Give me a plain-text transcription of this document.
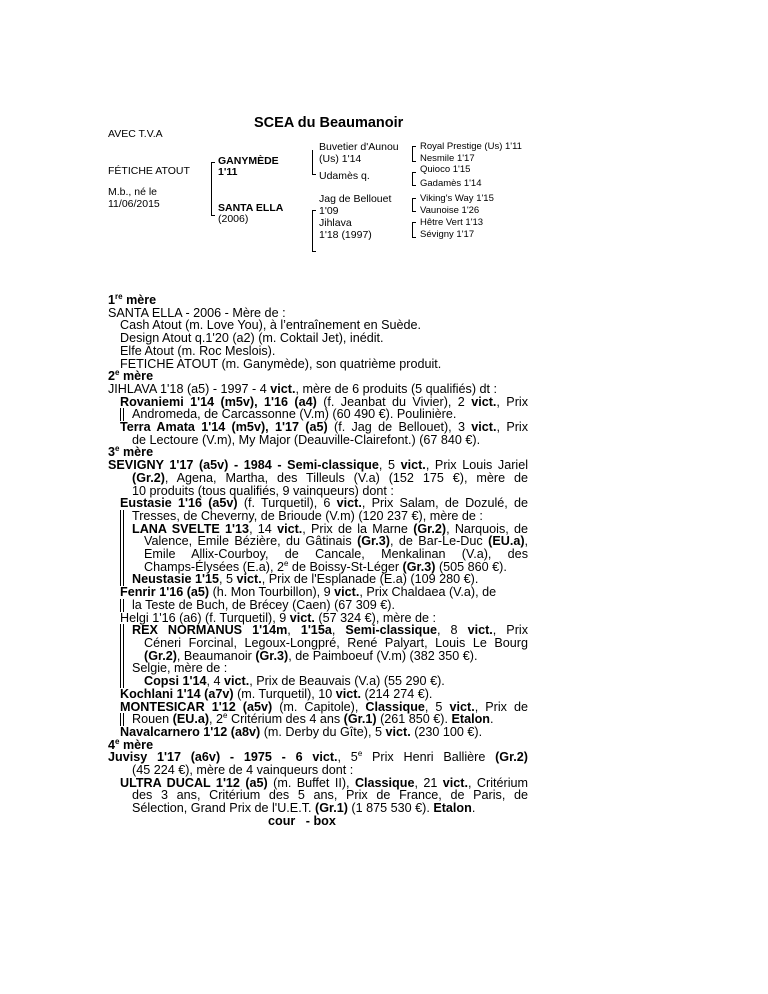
SCEA du Beaumanoir
AVEC T.V.A
FÉTICHE ATOUT
M.b., né le
11/06/2015
GANYMÈDE
1'11
SANTA ELLA
(2006)
Buvetier d'Aunou
(Us) 1'14
Udamès q.
Jag de Bellouet
1'09
Jihlava
1'18 (1997)
Royal Prestige (Us) 1'11
Nesmile 1'17
Quioco 1'15
Gadamès 1'14
Viking's Way 1'15
Vaunoise 1'26
Hêtre Vert 1'13
Sévigny 1'17
1re mère
SANTA ELLA - 2006 - Mère de :
Cash Atout (m. Love You), à l’entraînement en Suède.
Design Atout q.1'20 (a2) (m. Coktail Jet), inédit.
Elfe Atout (m. Roc Meslois).
FETICHE ATOUT (m. Ganymède), son quatrième produit.
2e mère
JIHLAVA 1'18 (a5) - 1997 - 4 vict., mère de 6 produits (5 qualifiés) dt :
Rovaniemi 1'14 (m5v), 1'16 (a4) (f. Jeanbat du Vivier), 2 vict., Prix
Andromeda, de Carcassonne (V.m) (60 490 €). Poulinière.
Terra Amata 1'14 (m5v), 1'17 (a5) (f. Jag de Bellouet), 3 vict., Prix
de Lectoure (V.m), My Major (Deauville-Clairefont.) (67 840 €).
3e mère
SEVIGNY 1'17 (a5v) - 1984 - Semi-classique, 5 vict., Prix Louis Jariel
(Gr.2), Agena, Martha, des Tilleuls (V.a) (152 175 €), mère de
10 produits (tous qualifiés, 9 vainqueurs) dont :
Eustasie 1'16 (a5v) (f. Turquetil), 6 vict., Prix Salam, de Dozulé, de
Tresses, de Cheverny, de Brioude (V.m) (120 237 €), mère de :
LANA SVELTE 1'13, 14 vict., Prix de la Marne (Gr.2), Narquois, de
Valence, Emile Bézière, du Gâtinais (Gr.3), de Bar-Le-Duc (EU.a),
Emile Allix-Courboy, de Cancale, Menkalinan (V.a), des
Champs-Élysées (E.a), 2e de Boissy-St-Léger (Gr.3) (505 860 €).
Neustasie 1'15, 5 vict., Prix de l'Esplanade (E.a) (109 280 €).
Fenrir 1'16 (a5) (h. Mon Tourbillon), 9 vict., Prix Chaldaea (V.a), de
la Teste de Buch, de Brécey (Caen) (67 309 €).
Helgi 1'16 (a6) (f. Turquetil), 9 vict. (57 324 €), mère de :
REX NORMANUS 1'14m, 1'15a, Semi-classique, 8 vict., Prix
Céneri Forcinal, Legoux-Longpré, René Palyart, Louis Le Bourg
(Gr.2), Beaumanoir (Gr.3), de Paimboeuf (V.m) (382 350 €).
Selgie, mère de :
Copsi 1'14, 4 vict., Prix de Beauvais (V.a) (55 290 €).
Kochlani 1'14 (a7v) (m. Turquetil), 10 vict. (214 274 €).
MONTESICAR 1'12 (a5v) (m. Capitole), Classique, 5 vict., Prix de
Rouen (EU.a), 2e Critérium des 4 ans (Gr.1) (261 850 €). Etalon.
Navalcarnero 1'12 (a8v) (m. Derby du Gîte), 5 vict. (230 100 €).
4e mère
Juvisy 1'17 (a6v) - 1975 - 6 vict., 5e Prix Henri Ballière (Gr.2)
(45 224 €), mère de 4 vainqueurs dont :
ULTRA DUCAL 1'12 (a5) (m. Buffet II), Classique, 21 vict., Critérium
des 3 ans, Critérium des 5 ans, Prix de France, de Paris, de
Sélection, Grand Prix de l'U.E.T. (Gr.1) (1 875 530 €). Etalon.
cour   - box
